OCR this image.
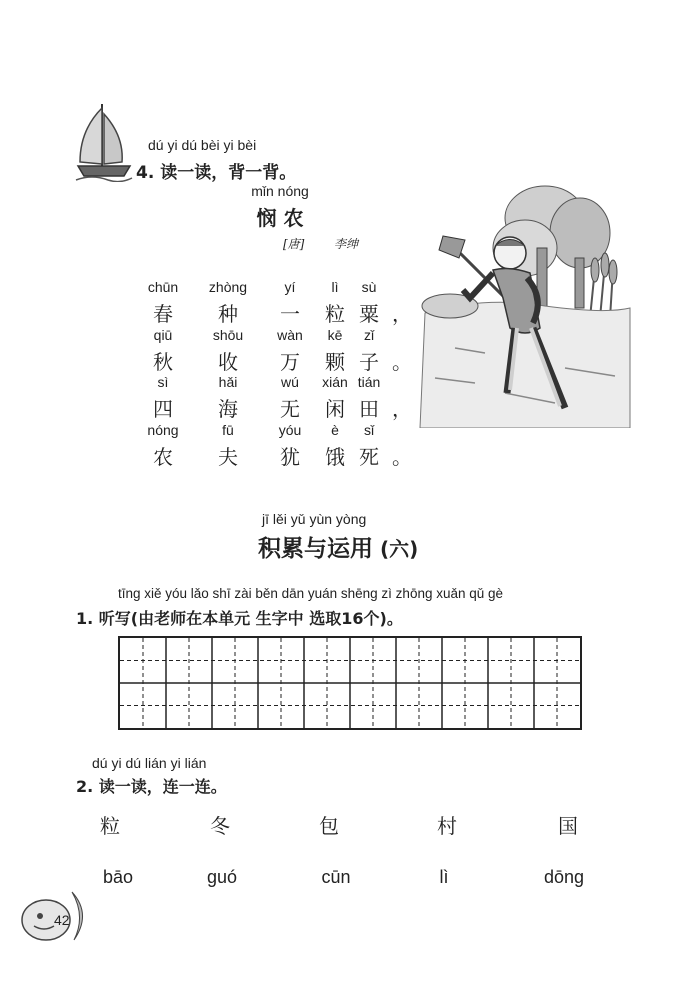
dú yi dú bèi yi bèi
4. 读一读，背一背。
mǐn nóng
悯 农
[唐] 李绅
chūn	zhòng	yí	lì	sù
春	种	一	粒 粟 ，
qiū	shōu	wàn	kē	zǐ
秋	收	万	颗 子 。
sì	hǎi	wú	xián tián
四	海	无	闲 田 ，
nóng	fū	yóu	è	sǐ
农	夫	犹	饿 死 。
jī lěi yǔ yùn yòng
积累与运用 (六)
tīng xiě yóu lǎo shī zài běn dān yuán shēng zì zhōng xuǎn qǔ gè
1. 听写(由老师在本单元 生字中 选取16个)。
dú yi dú lián yi lián
2. 读一读，连一连。
粒	冬	包	村	国
bāo	guó	cūn	lì	dōng
42
